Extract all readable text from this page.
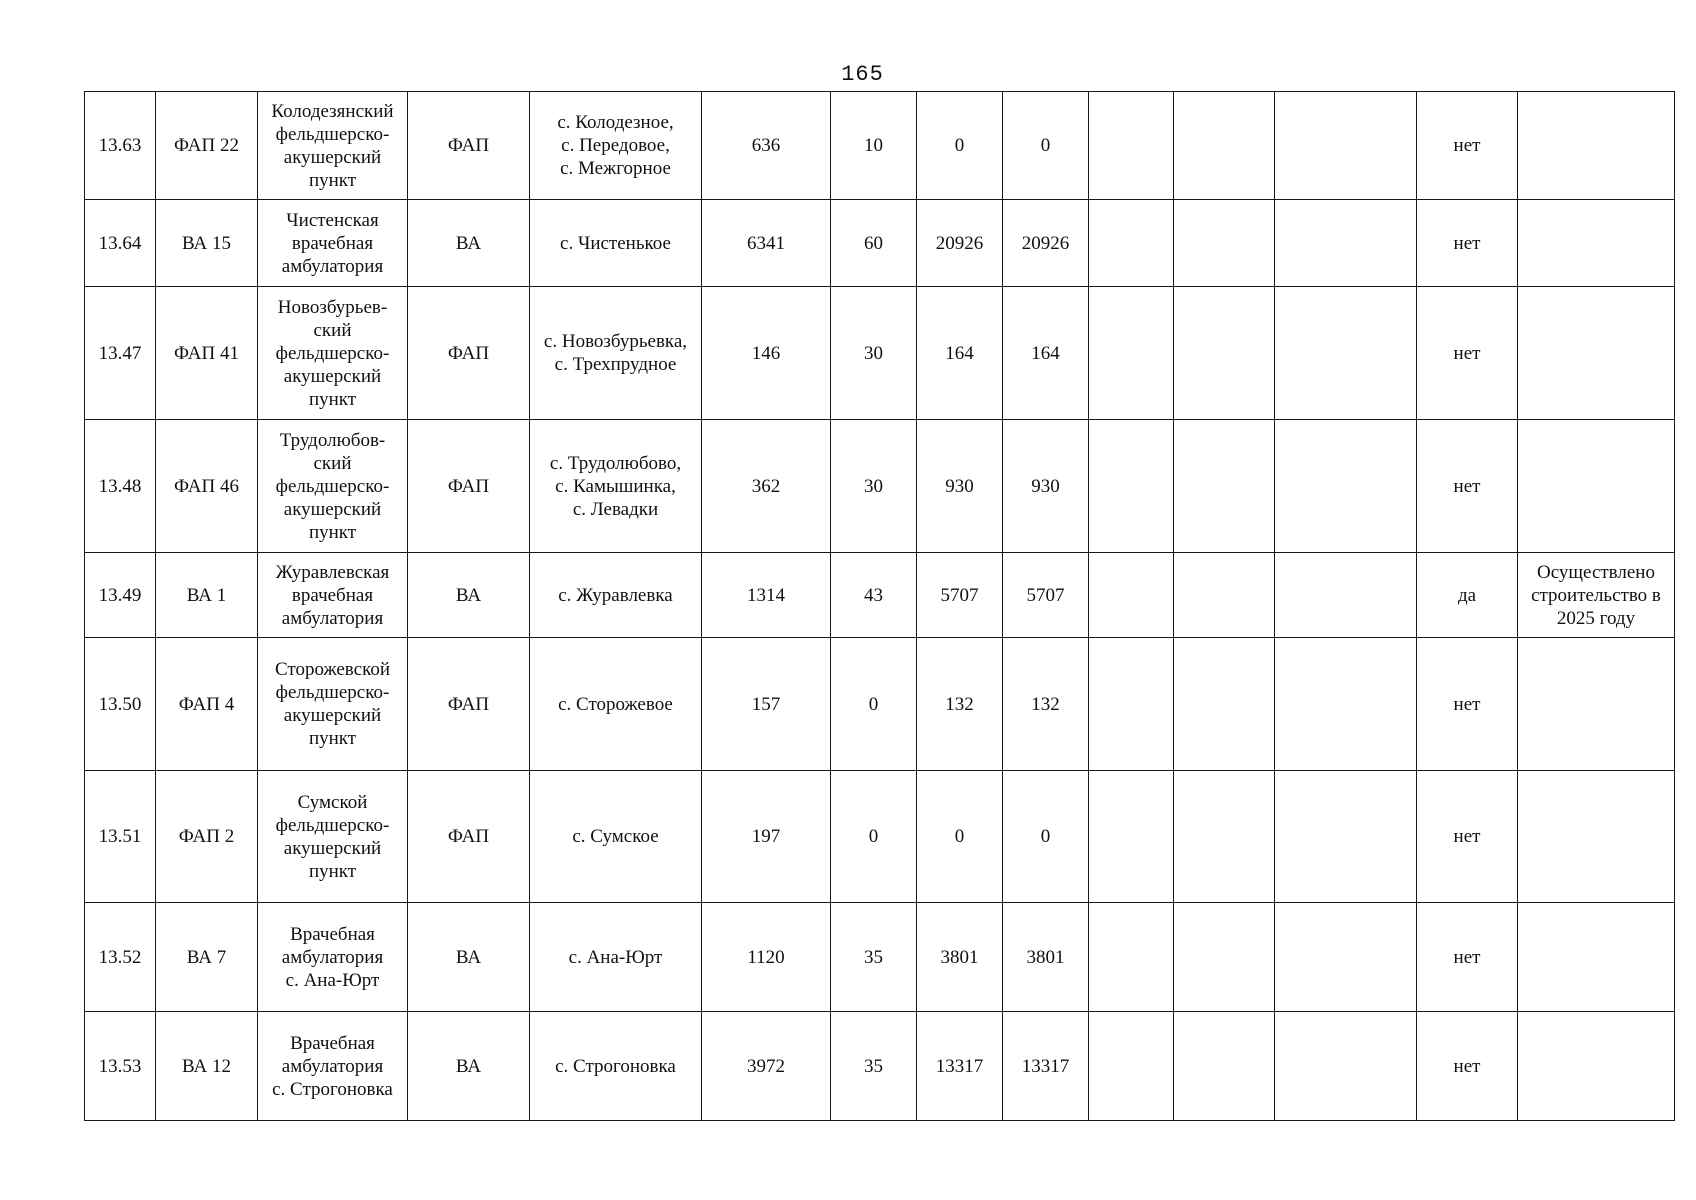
165
13.63	ФАП 22	Колодезянский
фельдшерско-
акушерский
пункт	ФАП	с. Колодезное,
с. Передовое,
с. Межгорное	636	10	0	0				нет	
13.64	ВА 15	Чистенская
врачебная
амбулатория	ВА	с. Чистенькое	6341	60	20926	20926				нет	
13.47	ФАП 41	Новозбурьев-
ский
фельдшерско-
акушерский
пункт	ФАП	с. Новозбурьевка,
с. Трехпрудное	146	30	164	164				нет	
13.48	ФАП 46	Трудолюбов-
ский
фельдшерско-
акушерский
пункт	ФАП	с. Трудолюбово,
с. Камышинка,
с. Левадки	362	30	930	930				нет	
13.49	ВА 1	Журавлевская
врачебная
амбулатория	ВА	с. Журавлевка	1314	43	5707	5707				да	Осуществлено
строительство в
2025 году
13.50	ФАП 4	Сторожевской
фельдшерско-
акушерский
пункт	ФАП	с. Сторожевое	157	0	132	132				нет	
13.51	ФАП 2	Сумской
фельдшерско-
акушерский
пункт	ФАП	с. Сумское	197	0	0	0				нет	
13.52	ВА 7	Врачебная
амбулатория
с. Ана-Юрт	ВА	с. Ана-Юрт	1120	35	3801	3801				нет	
13.53	ВА 12	Врачебная
амбулатория
с. Строгоновка	ВА	с. Строгоновка	3972	35	13317	13317				нет	
